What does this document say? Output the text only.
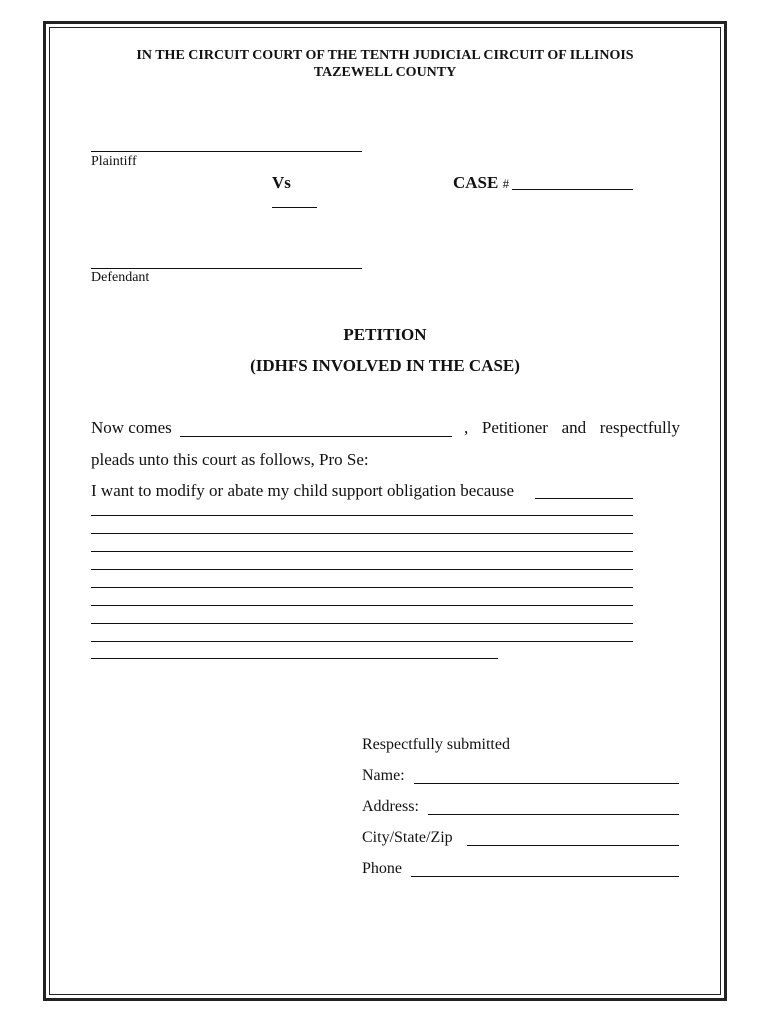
IN THE CIRCUIT COURT OF THE TENTH JUDICIAL CIRCUIT OF ILLINOIS
TAZEWELL COUNTY
Plaintiff
Vs	CASE #
Defendant
PETITION
(IDHFS INVOLVED IN THE CASE)
Now comes	, Petitioner and respectfully
pleads unto this court as follows, Pro Se:
I want to modify or abate my child support obligation because
Respectfully submitted
Name:
Address:
City/State/Zip
Phone
